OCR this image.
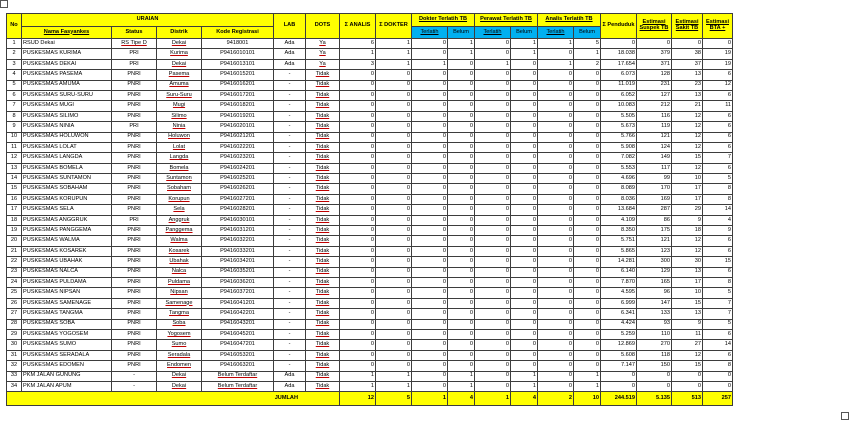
No	URAIAN				LAB	DOTS	Σ ANALIS	Σ DOKTER	Dokter Terlatih TB		Perawat Terlatih TB		Analis Terlatih TB		Σ Penduduk	Estimasi Suspek TB	Estimasi Sakit TB	Estimasi BTA +
	Nama Fasyankes	Status	Distrik	Kode Registrasi														
									Terlatih	Belum	Terlatih	Belum	Terlatih	Belum				
1	RSUD Dekai	RS Tipe D	Dekai	9418001	Ada	Ya	6	1	0	1	0	1	1	5	0	0	0	0
2	PUSKESMAS KURIMA	PRI	Kurima	P9416010101	Ada	Ya	1	1	0	1	0	1	0	1	18.038	379	38	19
3	PUSKESMAS DEKAI	PRI	Dekai	P9416013101	Ada	Ya	3	1	1	0	1	0	1	2	17.654	371	37	19
4	PUSKESMAS PASEMA	PNRI	Pasema	P9416015201	-	Tidak	0	0	0	0	0	0	0	0	6.073	128	13	6
5	PUSKESMAS AMUMA	PNRI	Amuma	P9416016201	-	Tidak	0	0	0	0	0	0	0	0	11.019	231	23	12
6	PUSKESMAS SURU-SURU	PNRI	Suru-Suru	P9416017201	-	Tidak	0	0	0	0	0	0	0	0	6.052	127	13	6
7	PUSKESMAS MUGI	PNRI	Mugi	P9416018201	-	Tidak	0	0	0	0	0	0	0	0	10.083	212	21	11
8	PUSKESMAS SILIMO	PNRI	Silimo	P9416019201	-	Tidak	0	0	0	0	0	0	0	0	5.505	116	12	6
9	PUSKESMAS NINIA	PRI	Ninia	P9416020101	-	Tidak	0	0	0	0	0	0	0	0	5.673	119	12	6
10	PUSKESMAS HOLUWON	PNRI	Holuwon	P9416021201	-	Tidak	0	0	0	0	0	0	0	0	5.766	121	12	6
11	PUSKESMAS LOLAT	PNRI	Lolat	P9416022201	-	Tidak	0	0	0	0	0	0	0	0	5.908	124	12	6
12	PUSKESMAS LANGDA	PNRI	Langda	P9416023201	-	Tidak	0	0	0	0	0	0	0	0	7.082	149	15	7
13	PUSKESMAS BOMELA	PNRI	Bomela	P9416024201	-	Tidak	0	0	0	0	0	0	0	0	5.553	117	12	6
14	PUSKESMAS SUNTAMON	PNRI	Suntamon	P9416025201	-	Tidak	0	0	0	0	0	0	0	0	4.696	99	10	5
15	PUSKESMAS SOBAHAM	PNRI	Sobaham	P9416026201	-	Tidak	0	0	0	0	0	0	0	0	8.089	170	17	8
16	PUSKESMAS KORUPUN	PNRI	Korupun	P9416027201	-	Tidak	0	0	0	0	0	0	0	0	8.036	169	17	8
17	PUSKESMAS SELA	PNRI	Sela	P9416028201	-	Tidak	0	0	0	0	0	0	0	0	13.684	287	29	14
18	PUSKESMAS ANGGRUK	PRI	Anggruk	P9416030101	-	Tidak	0	0	0	0	0	0	0	0	4.109	86	9	4
19	PUSKESMAS PANGGEMA	PNRI	Panggema	P9416031201	-	Tidak	0	0	0	0	0	0	0	0	8.350	175	18	9
20	PUSKESMAS WALMA	PNRI	Walma	P9416032201	-	Tidak	0	0	0	0	0	0	0	0	5.751	121	12	6
21	PUSKESMAS KOSAREK	PNRI	Kosarek	P9416033201	-	Tidak	0	0	0	0	0	0	0	0	5.865	123	12	6
22	PUSKESMAS UBAHAK	PNRI	Ubahak	P9416034201	-	Tidak	0	0	0	0	0	0	0	0	14.281	300	30	15
23	PUSKESMAS NALCA	PNRI	Nalca	P9416035201	-	Tidak	0	0	0	0	0	0	0	0	6.140	129	13	6
24	PUSKESMAS PULDAMA	PNRI	Puldama	P9416036201	-	Tidak	0	0	0	0	0	0	0	0	7.870	165	17	8
25	PUSKESMAS NIPSAN	PNRI	Nipsan	P9416037201	-	Tidak	0	0	0	0	0	0	0	0	4.595	96	10	5
26	PUSKESMAS SAMENAGE	PNRI	Samenage	P9416041201	-	Tidak	0	0	0	0	0	0	0	0	6.999	147	15	7
27	PUSKESMAS TANGMA	PNRI	Tangma	P9416042201	-	Tidak	0	0	0	0	0	0	0	0	6.341	133	13	7
28	PUSKESMAS SOBA	PNRI	Soba	P9416043201	-	Tidak	0	0	0	0	0	0	0	0	4.424	93	9	5
29	PUSKESMAS YOGOSEM	PNRI	Yogosem	P9416045201	-	Tidak	0	0	0	0	0	0	0	0	5.259	110	11	6
30	PUSKESMAS SUMO	PNRI	Sumo	P9416047201	-	Tidak	0	0	0	0	0	0	0	0	12.869	270	27	14
31	PUSKESMAS SERADALA	PNRI	Seradala	P9416053201	-	Tidak	0	0	0	0	0	0	0	0	5.608	118	12	6
32	PUSKESMAS EDOMEN	PNRI	Endomen	P9416063201	-	Tidak	0	0	0	0	0	0	0	0	7.147	150	15	8
33	PKM JALAN GUNUNG	-	Dekai	Belum Terdaftar	Ada	Tidak	1	1	0	1	0	1	0	1	0	0	0	0
34	PKM JALAN APUM	-	Dekai	Belum Terdaftar	Ada	Tidak	1	1	0	1	0	1	0	1	0	0	0	0
JUMLAH							12	5	1	4	1	4	2	10	244.519	5.135	513	257
